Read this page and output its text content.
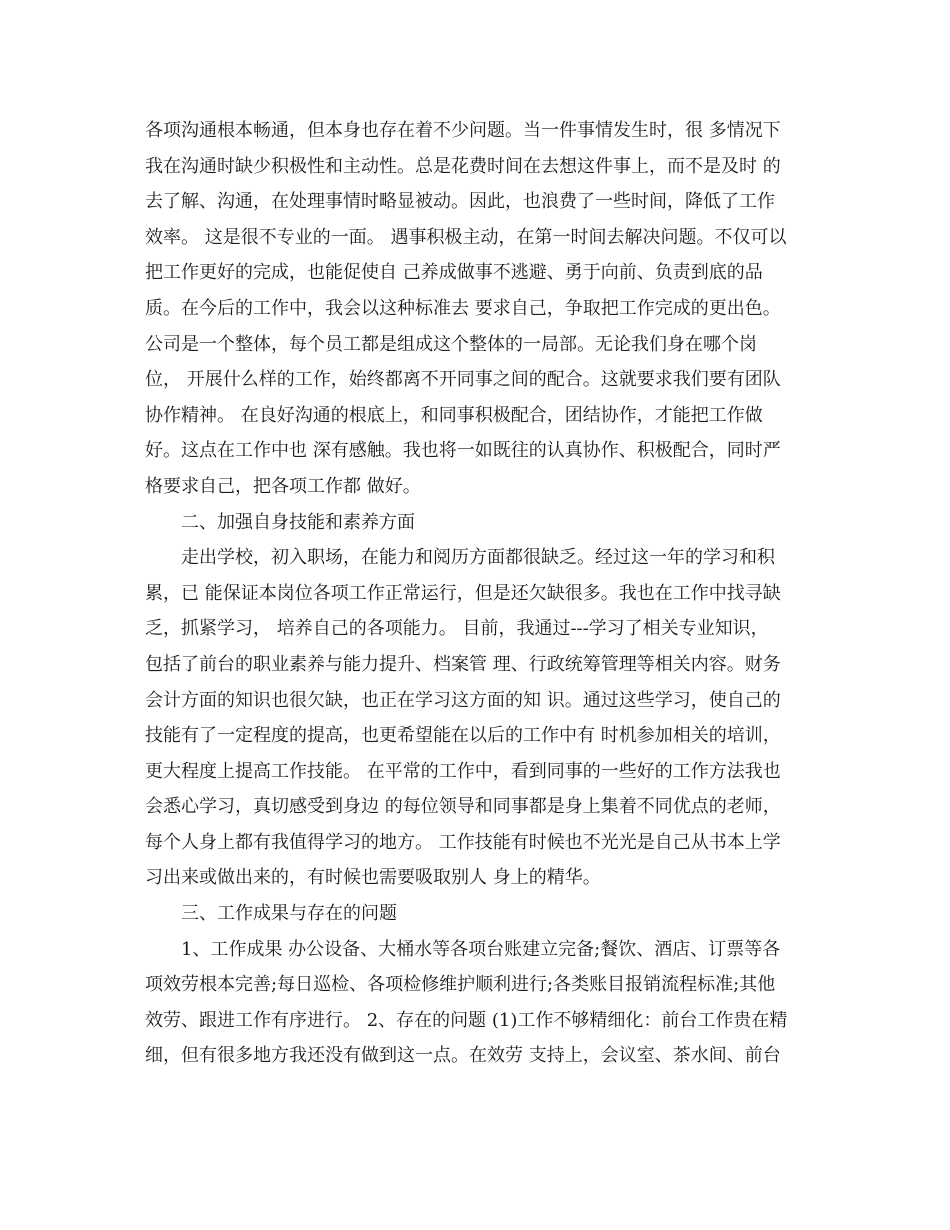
各项沟通根本畅通，但本身也存在着不少问题。当一件事情发生时，很 多情况下
我在沟通时缺少积极性和主动性。总是花费时间在去想这件事上，而不是及时 的
去了解、沟通，在处理事情时略显被动。因此，也浪费了一些时间，降低了工作
效率。 这是很不专业的一面。 遇事积极主动，在第一时间去解决问题。不仅可以
把工作更好的完成，也能促使自 己养成做事不逃避、勇于向前、负责到底的品
质。在今后的工作中，我会以这种标准去 要求自己，争取把工作完成的更出色。
公司是一个整体，每个员工都是组成这个整体的一局部。无论我们身在哪个岗
位， 开展什么样的工作，始终都离不开同事之间的配合。这就要求我们要有团队
协作精神。 在良好沟通的根底上，和同事积极配合，团结协作，才能把工作做
好。这点在工作中也 深有感触。我也将一如既往的认真协作、积极配合，同时严
格要求自己，把各项工作都 做好。
二、加强自身技能和素养方面
走出学校，初入职场，在能力和阅历方面都很缺乏。经过这一年的学习和积
累，已 能保证本岗位各项工作正常运行，但是还欠缺很多。我也在工作中找寻缺
乏，抓紧学习， 培养自己的各项能力。 目前，我通过---学习了相关专业知识，
包括了前台的职业素养与能力提升、档案管 理、行政统筹管理等相关内容。财务
会计方面的知识也很欠缺，也正在学习这方面的知 识。通过这些学习，使自己的
技能有了一定程度的提高，也更希望能在以后的工作中有 时机参加相关的培训，
更大程度上提高工作技能。 在平常的工作中，看到同事的一些好的工作方法我也
会悉心学习，真切感受到身边 的每位领导和同事都是身上集着不同优点的老师，
每个人身上都有我值得学习的地方。 工作技能有时候也不光光是自己从书本上学
习出来或做出来的，有时候也需要吸取别人 身上的精华。
三、工作成果与存在的问题
1、工作成果 办公设备、大桶水等各项台账建立完备;餐饮、酒店、订票等各
项效劳根本完善;每日巡检、各项检修维护顺利进行;各类账目报销流程标准;其他
效劳、跟进工作有序进行。 2、存在的问题 (1)工作不够精细化：前台工作贵在精
细，但有很多地方我还没有做到这一点。在效劳 支持上，会议室、茶水间、前台
